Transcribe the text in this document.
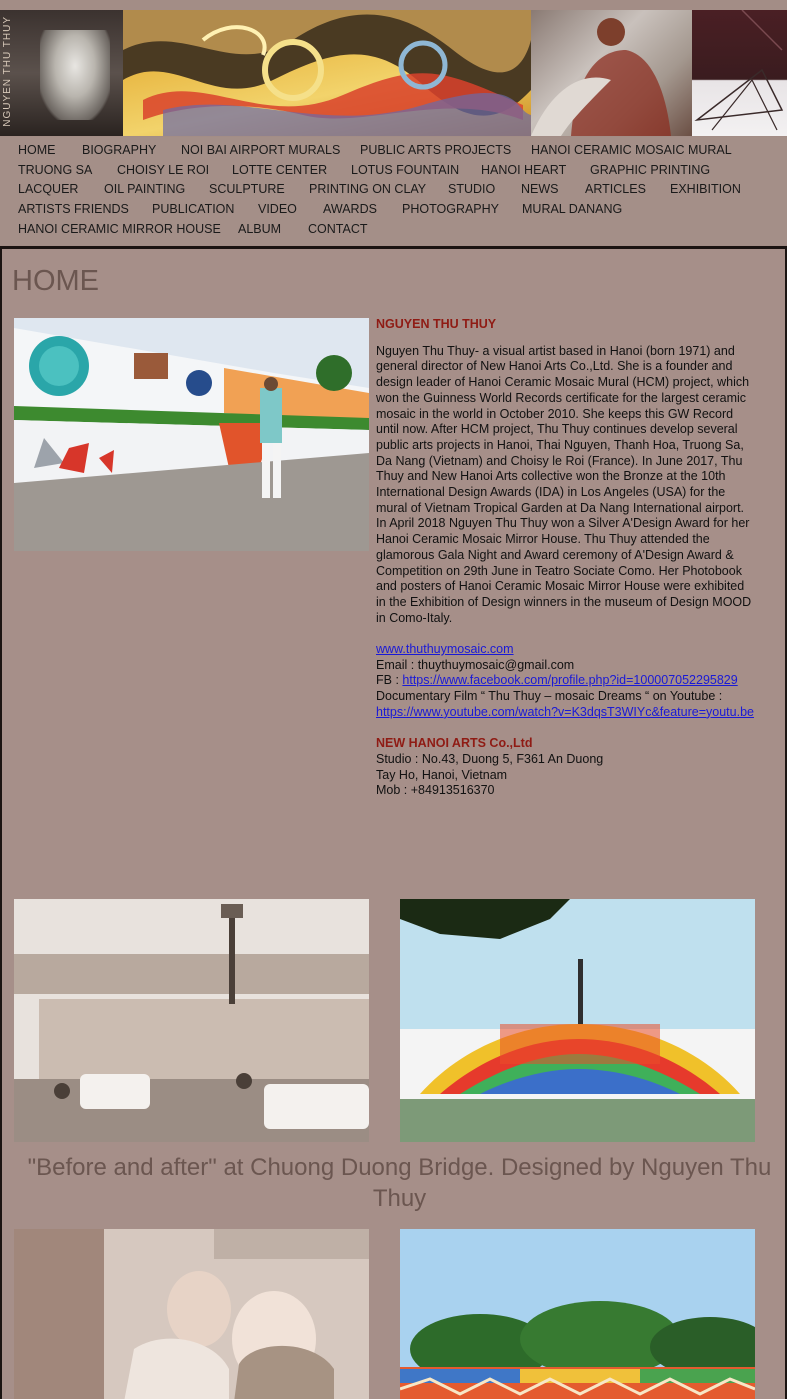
NGUYEN THU THUY
HOME BIOGRAPHY NOI BAI AIRPORT MURALS PUBLIC ARTS PROJECTS HANOI CERAMIC MOSAIC MURAL
TRUONG SA CHOISY LE ROI LOTTE CENTER LOTUS FOUNTAIN HANOI HEART GRAPHIC PRINTING
LACQUER OIL PAINTING SCULPTURE PRINTING ON CLAY STUDIO NEWS ARTICLES EXHIBITION
ARTISTS FRIENDS PUBLICATION VIDEO AWARDS PHOTOGRAPHY MURAL DANANG
HANOI CERAMIC MIRROR HOUSE ALBUM CONTACT
HOME
NGUYEN THU THUY

Nguyen Thu Thuy- a visual artist based in Hanoi (born 1971) and general director of New Hanoi Arts Co.,Ltd. She is a founder and design leader of Hanoi Ceramic Mosaic Mural (HCM) project, which won the Guinness World Records certificate for the largest ceramic mosaic in the world in October 2010. She keeps this GW Record until now. After HCM project, Thu Thuy continues develop several public arts projects in Hanoi, Thai Nguyen, Thanh Hoa, Truong Sa, Da Nang (Vietnam) and Choisy le Roi (France). In June 2017, Thu Thuy and New Hanoi Arts collective won the Bronze at the 10th International Design Awards (IDA) in Los Angeles (USA) for the mural of Vietnam Tropical Garden at Da Nang International airport.

In April 2018 Nguyen Thu Thuy won a Silver A'Design Award for her Hanoi Ceramic Mosaic Mirror House. Thu Thuy attended the glamorous Gala Night and Award ceremony of A'Design Award & Competition on 29th June in Teatro Sociate Como. Her Photobook and posters of Hanoi Ceramic Mosaic Mirror House were exhibited in the Exhibition of Design winners in the museum of Design MOOD in Como-Italy.

www.thuthuymosaic.com

Email : thuythuymosaic@gmail.com

FB : https://www.facebook.com/profile.php?id=100007052295829

Documentary Film “ Thu Thuy – mosaic Dreams “ on Youtube :

https://www.youtube.com/watch?v=K3dqsT3WIYc&feature=youtu.be

NEW HANOI ARTS Co.,Ltd

Studio : No.43, Duong 5, F361 An Duong

Tay Ho, Hanoi, Vietnam

Mob : +84913516370

"Before and after" at Chuong Duong Bridge. Designed by Nguyen Thu Thuy
